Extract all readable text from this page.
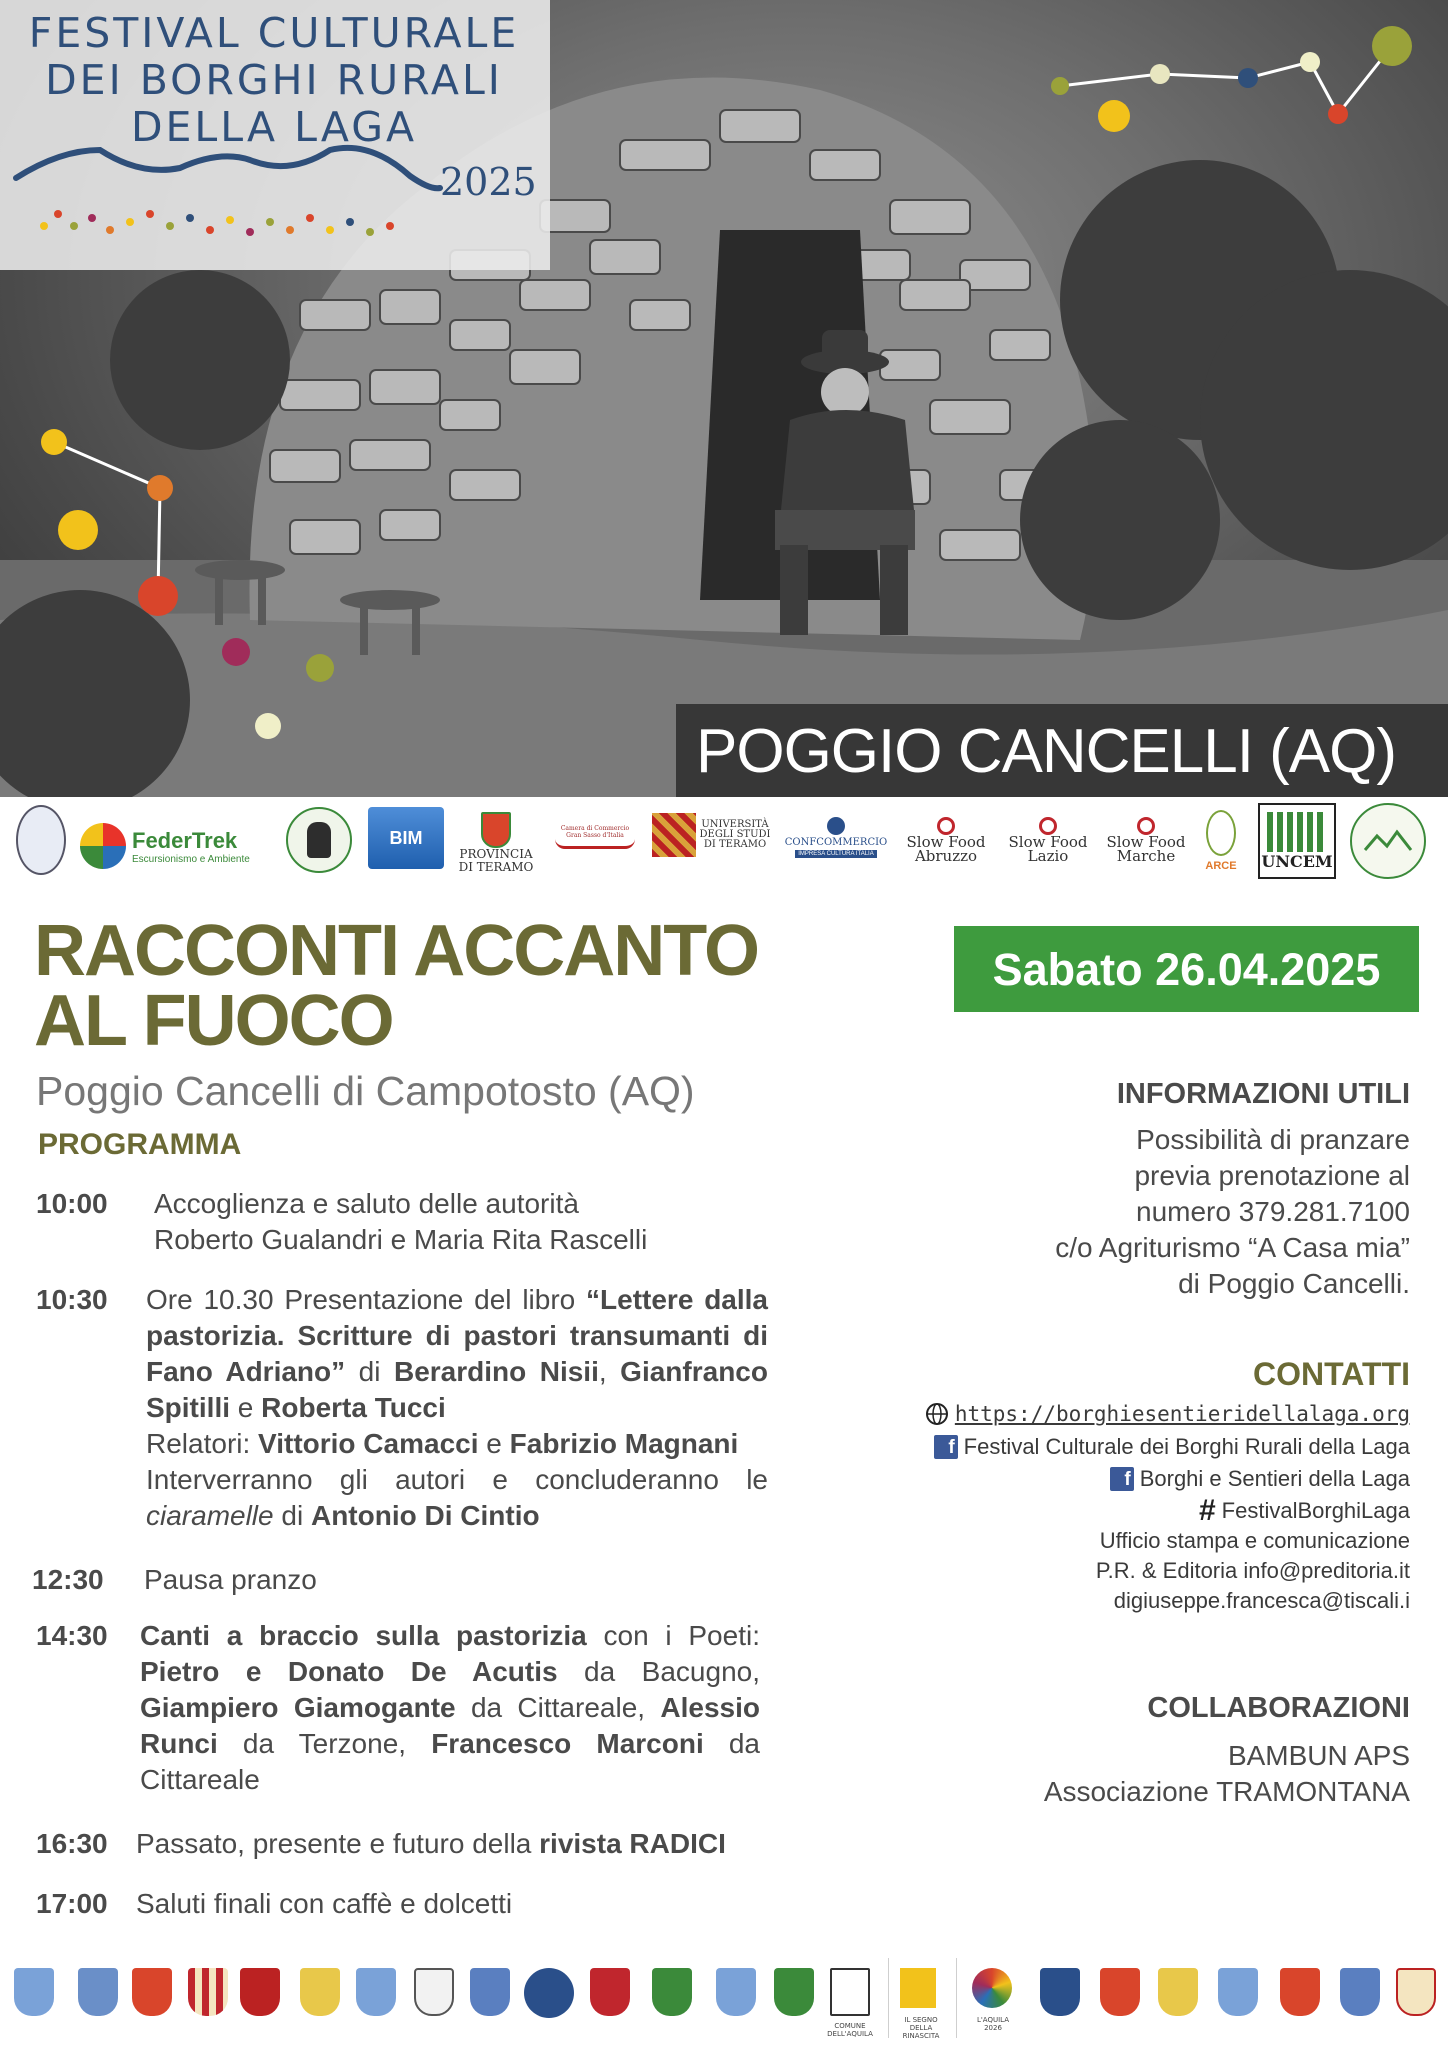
FESTIVAL CULTURALE
DEI BORGHI RURALI
DELLA LAGA
2025
POGGIO CANCELLI (AQ)
FederTrek
Escursionismo e Ambiente
BIM
PROVINCIA
DI TERAMO
Camera di Commercio
Gran Sasso d'Italia
UNIVERSITÀ
DEGLI STUDI
DI TERAMO	CONFCOMMERCIO
IMPRESA CULTURA ITALIA
Slow Food
Abruzzo
Slow Food
Lazio
Slow Food
Marche
ARCE UNCEM
RACCONTI ACCANTO
AL FUOCO
Poggio Cancelli di Campotosto (AQ)
PROGRAMMA
10:00 Accoglienza e saluto delle autorità
Roberto Gualandri e Maria Rita Rascelli
10:30 Ore 10.30 Presentazione del libro “Lettere dalla pastorizia. Scritture di pastori transumanti di Fano Adriano” di Berardino Nisii, Gianfranco Spitilli e Roberta Tucci
Relatori: Vittorio Camacci e Fabrizio Magnani
Interverranno gli autori e concluderanno le ciaramelle di Antonio Di Cintio
12:30 Pausa pranzo
14:30 Canti a braccio sulla pastorizia con i Poeti: Pietro e Donato De Acutis da Bacugno, Giampiero Giamogante da Cittareale, Alessio Runci da Terzone, Francesco Marconi da Cittareale
16:30 Passato, presente e futuro della rivista RADICI
17:00 Saluti finali con caffè e dolcetti
Sabato 26.04.2025
INFORMAZIONI UTILI
Possibilità di pranzare
previa prenotazione al
numero 379.281.7100
c/o Agriturismo “A Casa mia”
di Poggio Cancelli.
CONTATTI
https://borghiesentieridellalaga.org
f Festival Culturale dei Borghi Rurali della Laga
f Borghi e Sentieri della Laga
# FestivalBorghiLaga
Ufficio stampa e comunicazione
P.R. & Editoria info@preditoria.it
digiuseppe.francesca@tiscali.i
COLLABORAZIONI
BAMBUN APS
Associazione TRAMONTANA
COMUNE DELL'AQUILA
IL SEGNO
DELLA
RINASCITA
L'AQUILA
2026
